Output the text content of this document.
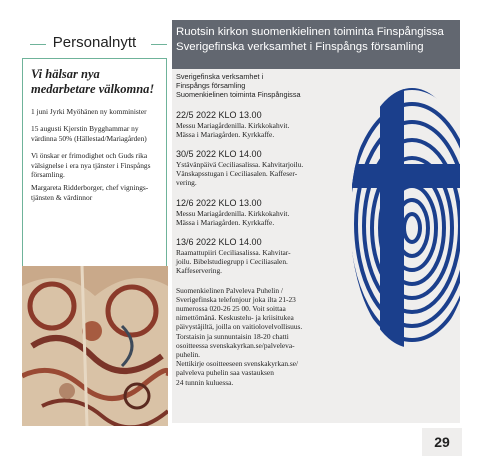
Personalnytt
Vi hälsar nya medarbetare välkomna!
1 juni Jyrki Myöhänen ny komminister
15 augusti Kjerstin Bygghammar ny värdinna 50% (Hällestad/Mariagården)
Vi önskar er frimodighet och Guds rika välsignelse i era nya tjänster i Finspångs församling.
Margareta Ridderborger, chef vignings-tjänsten & värdinnor
Ruotsin kirkon suomenkielinen toiminta Finspångissa
Sverigefinska verksamhet i Finspångs församling
Sverigefinska verksamhet i
Finspångs församling
Suomenkielinen toiminta Finspångissa
22/5 2022 KLO 13.00
Messu Mariagårdenilla. Kirkkokahvit.
Mässa i Mariagården. Kyrkkaffe.
30/5 2022 KLO 14.00
Ystävänpäivä Ceciliasalissa. Kahvitarjoilu.
Vänskapsstugan i Ceciliasalen. Kaffeser-
vering.
12/6 2022 KLO 13.00
Messu Mariagårdenilla. Kirkkokahvit.
Mässa i Mariagården. Kyrkkaffe.
13/6 2022 KLO 14.00
Raamattupiiri Ceciliasalissa. Kahvitar-
joilu. Bibelstudiegrupp i Ceciliasalen.
Kaffeservering.
Suomenkielinen Palveleva Puhelin /
Sverigefinska telefonjour joka ilta 21-23
numerossa 020-26 25 00. Voit soittaa
nimettömänä. Keskustelu- ja kriisitukea
päivystäjiltä, joilla on vaitiolovelvollisuus.
Torstaisin ja sunnuntaisin 18-20 chatti
osoitteessa svenskakyrkan.se/palveleva-
puhelin.
Nettikirje osoitteeseen svenskakyrkan.se/
palveleva puhelin saa vastauksen
24 tunnin kuluessa.
29
